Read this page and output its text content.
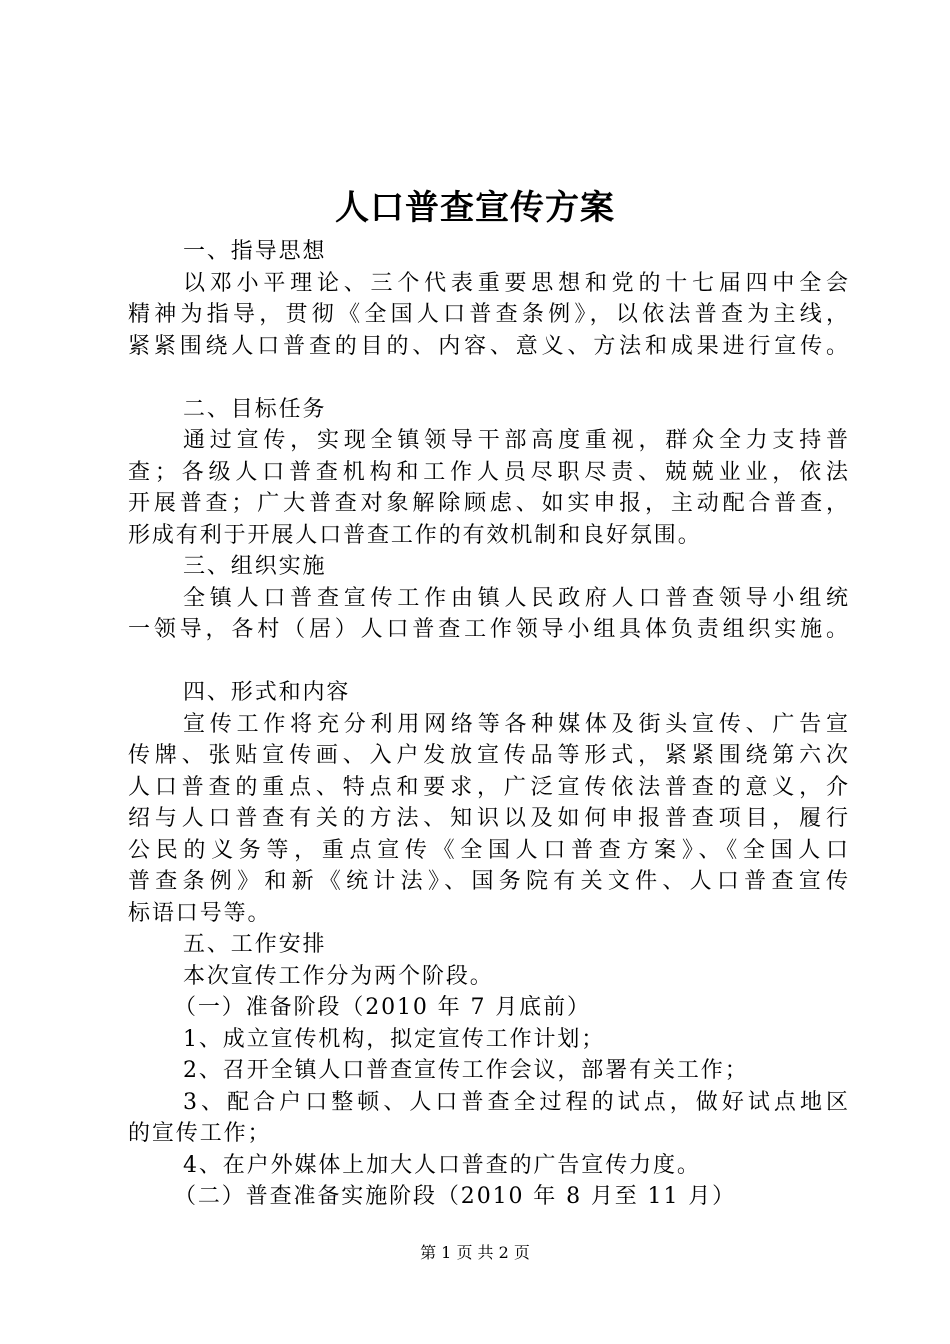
人口普查宣传方案
一、指导思想
以邓小平理论、三个代表重要思想和党的十七届四中全会
精神为指导，贯彻《全国人口普查条例》，以依法普查为主线，
紧紧围绕人口普查的目的、内容、意义、方法和成果进行宣传。
二、目标任务
通过宣传，实现全镇领导干部高度重视，群众全力支持普
查；各级人口普查机构和工作人员尽职尽责、兢兢业业，依法
开展普查；广大普查对象解除顾虑、如实申报，主动配合普查，
形成有利于开展人口普查工作的有效机制和良好氛围。
三、组织实施
全镇人口普查宣传工作由镇人民政府人口普查领导小组统
一领导，各村（居）人口普查工作领导小组具体负责组织实施。
四、形式和内容
宣传工作将充分利用网络等各种媒体及街头宣传、广告宣
传牌、张贴宣传画、入户发放宣传品等形式，紧紧围绕第六次
人口普查的重点、特点和要求，广泛宣传依法普查的意义，介
绍与人口普查有关的方法、知识以及如何申报普查项目，履行
公民的义务等，重点宣传《全国人口普查方案》、《全国人口
普查条例》和新《统计法》、国务院有关文件、人口普查宣传
标语口号等。
五、工作安排
本次宣传工作分为两个阶段。
（一）准备阶段（2010 年 7 月底前）
1、成立宣传机构，拟定宣传工作计划；
2、召开全镇人口普查宣传工作会议，部署有关工作；
3、配合户口整顿、人口普查全过程的试点，做好试点地区
的宣传工作；
4、在户外媒体上加大人口普查的广告宣传力度。
（二）普查准备实施阶段（2010 年 8 月至 11 月）
第 1 页 共 2 页
